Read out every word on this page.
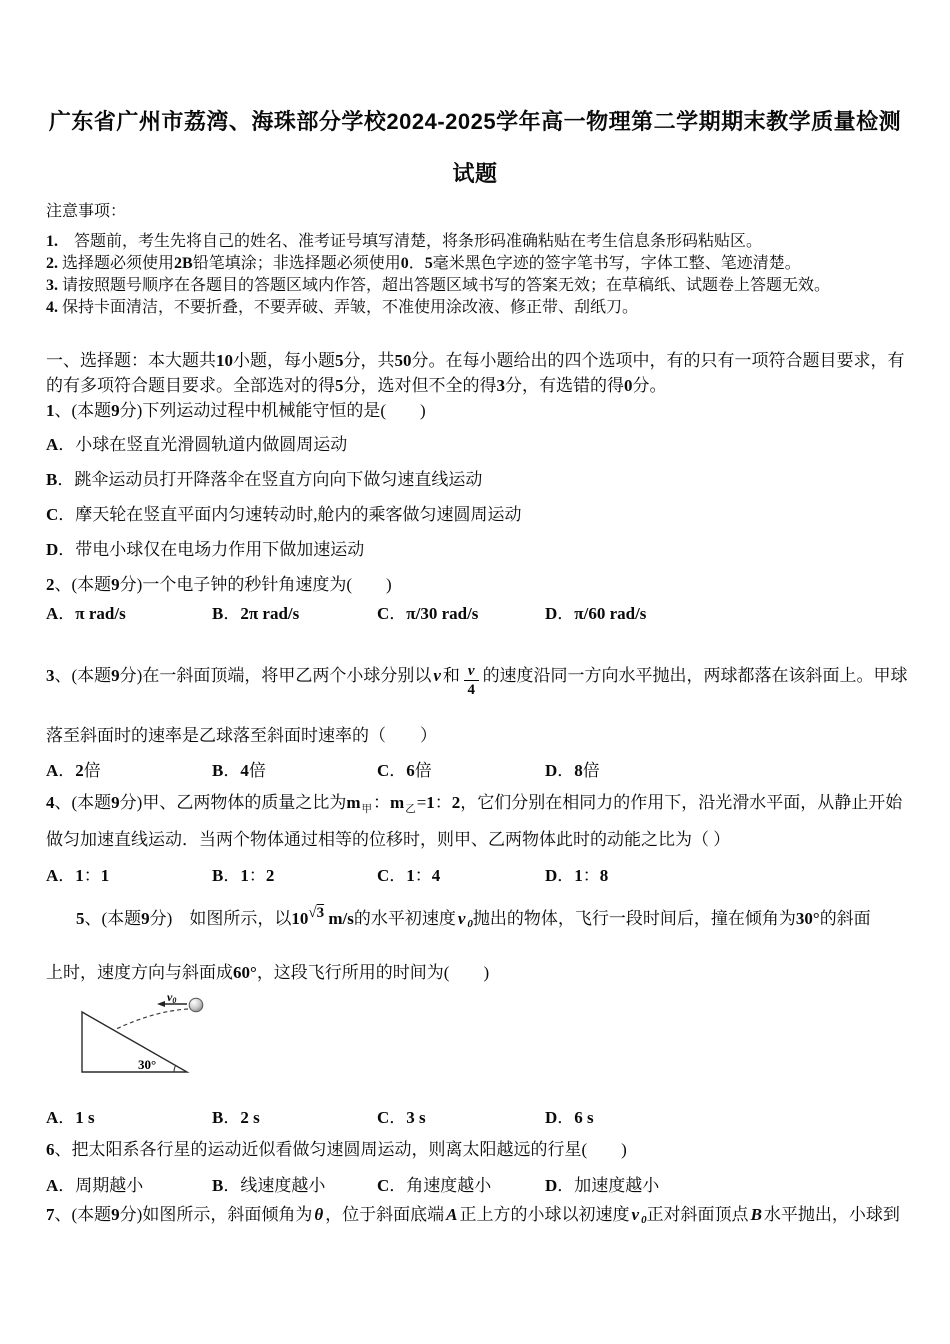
广东省广州市荔湾、海珠部分学校2024-2025学年高一物理第二学期期末教学质量检测
试题
注意事项：
1.　答题前，考生先将自己的姓名、准考证号填写清楚，将条形码准确粘贴在考生信息条形码粘贴区。
2. 选择题必须使用2B铅笔填涂；非选择题必须使用0．5毫米黑色字迹的签字笔书写，字体工整、笔迹清楚。
3. 请按照题号顺序在各题目的答题区域内作答，超出答题区域书写的答案无效；在草稿纸、试题卷上答题无效。
4. 保持卡面清洁，不要折叠，不要弄破、弄皱，不准使用涂改液、修正带、刮纸刀。
一、选择题：本大题共10小题，每小题5分，共50分。在每小题给出的四个选项中，有的只有一项符合题目要求，有
的有多项符合题目要求。全部选对的得5分，选对但不全的得3分，有选错的得0分。
1、(本题9分)下列运动过程中机械能守恒的是(　　)
A．小球在竖直光滑圆轨道内做圆周运动
B．跳伞运动员打开降落伞在竖直方向向下做匀速直线运动
C．摩天轮在竖直平面内匀速转动时,舱内的乘客做匀速圆周运动
D．带电小球仅在电场力作用下做加速运动
2、(本题9分)一个电子钟的秒针角速度为(　　)
A．π rad/s	B．2π rad/s	C．π/30 rad/s	D．π/60 rad/s
3、(本题9分)在一斜面顶端，将甲乙两个小球分别以 v 和 $\frac{v}{4}$ 的速度沿同一方向水平抛出，两球都落在该斜面上。甲球
落至斜面时的速率是乙球落至斜面时速率的（　　）
A．2倍	B．4倍	C．6倍	D．8倍
4、(本题9分)甲、乙两物体的质量之比为$m_甲$：$m_乙=1$：2，它们分别在相同力的作用下，沿光滑水平面，从静止开始
做匀加速直线运动．当两个物体通过相等的位移时，则甲、乙两物体此时的动能之比为（ ）
A．1：1	B．1：2	C．1：4	D．1：8
5、(本题9分)　如图所示，以10√3 m/s的水平初速度 v 0抛出的物体，飞行一段时间后，撞在倾角为30°的斜面
上时，速度方向与斜面成60°，这段飞行所用的时间为(　　)
30°
v0
A．1 s	B．2 s	C．3 s	D．6 s
6、把太阳系各行星的运动近似看做匀速圆周运动，则离太阳越远的行星(　　)
A．周期越小	B．线速度越小	C．角速度越小	D．加速度越小
7、(本题9分)如图所示，斜面倾角为 θ ，位于斜面底端 A 正上方的小球以初速度 v 0正对斜面顶点 B 水平抛出，小球到
